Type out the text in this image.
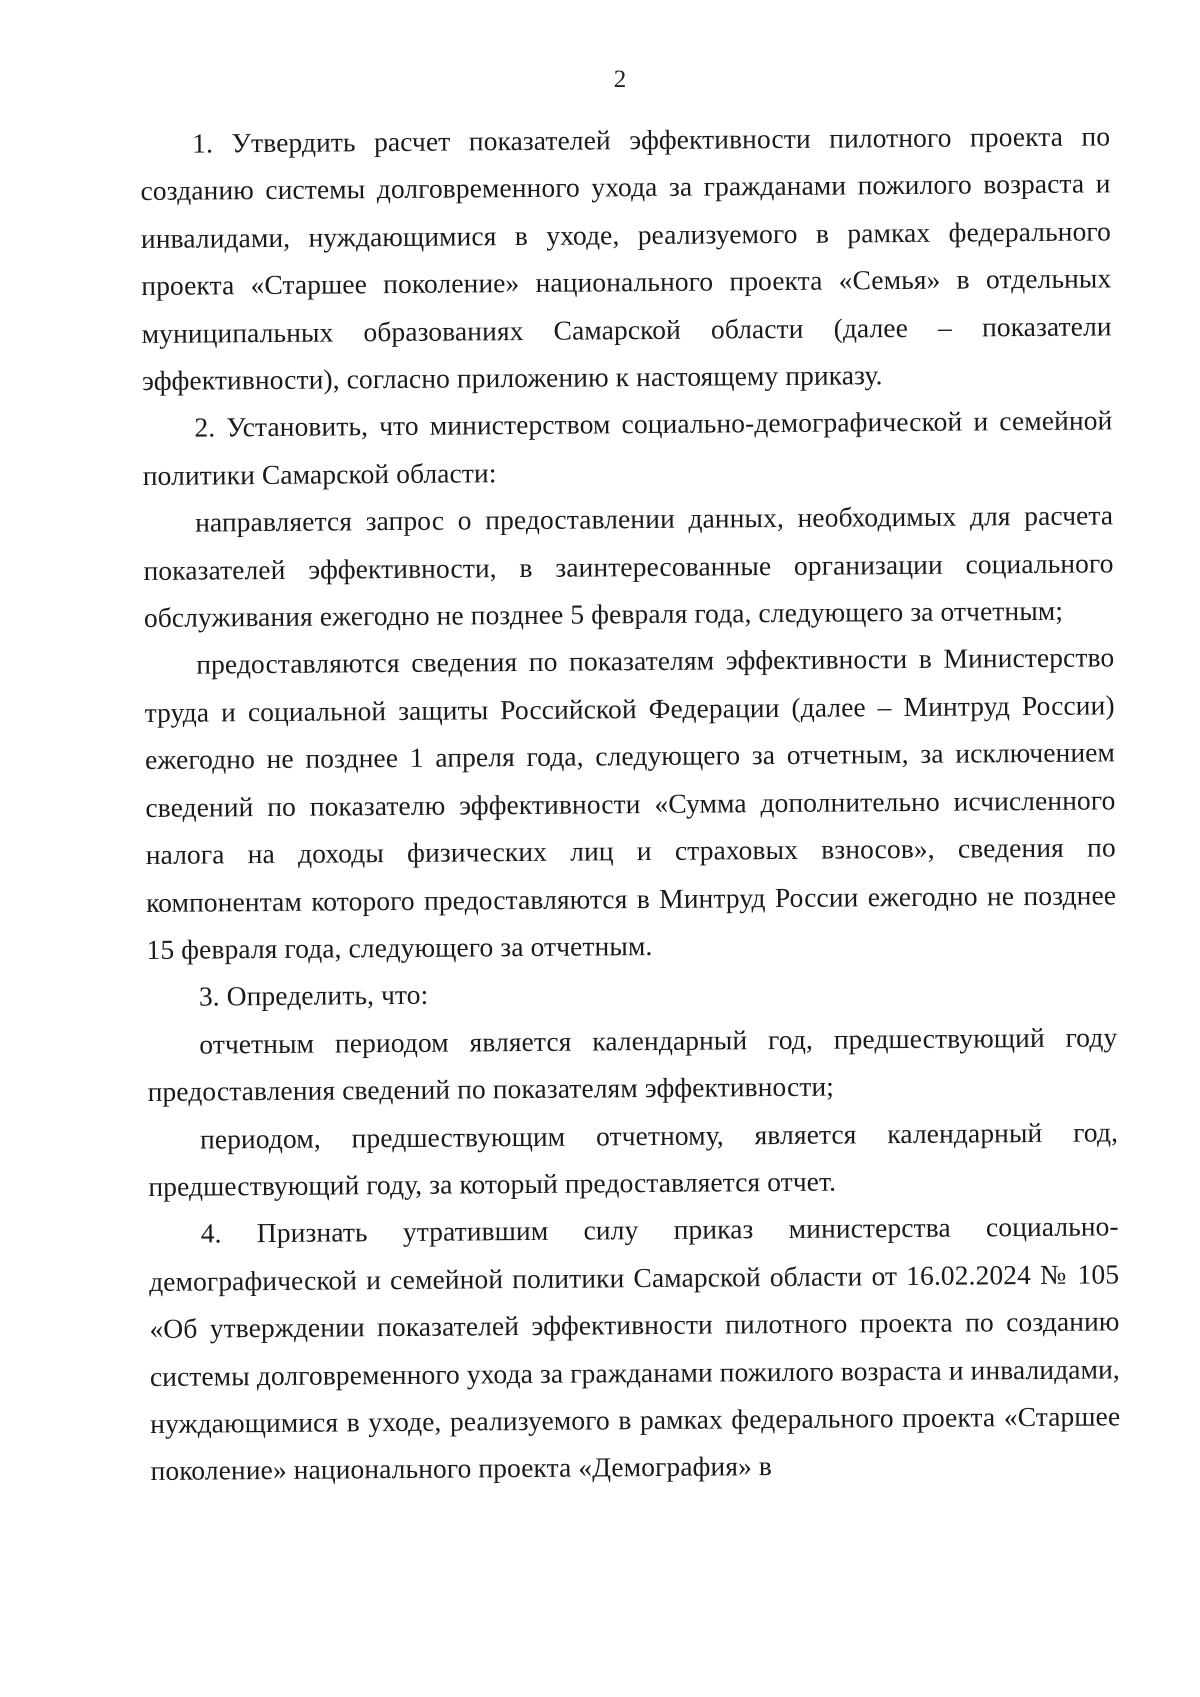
2

1. Утвердить расчет показателей эффективности пилотного проекта по созданию системы долговременного ухода за гражданами пожилого возраста и инвалидами, нуждающимися в уходе, реализуемого в рамках федерального проекта «Старшее поколение» национального проекта «Семья» в отдельных муниципальных образованиях Самарской области (далее – показатели эффективности), согласно приложению к настоящему приказу.

2. Установить, что министерством социально-демографической и семейной политики Самарской области:

направляется запрос о предоставлении данных, необходимых для расчета показателей эффективности, в заинтересованные организации социального обслуживания ежегодно не позднее 5 февраля года, следующего за отчетным;

предоставляются сведения по показателям эффективности в Министерство труда и социальной защиты Российской Федерации (далее – Минтруд России) ежегодно не позднее 1 апреля года, следующего за отчетным, за исключением сведений по показателю эффективности «Сумма дополнительно исчисленного налога на доходы физических лиц и страховых взносов», сведения по компонентам которого предоставляются в Минтруд России ежегодно не позднее 15 февраля года, следующего за отчетным.

3. Определить, что:

отчетным периодом является календарный год, предшествующий году предоставления сведений по показателям эффективности;

периодом, предшествующим отчетному, является календарный год, предшествующий году, за который предоставляется отчет.

4. Признать утратившим силу приказ министерства социально-демографической и семейной политики Самарской области от 16.02.2024 № 105 «Об утверждении показателей эффективности пилотного проекта по созданию системы долговременного ухода за гражданами пожилого возраста и инвалидами, нуждающимися в уходе, реализуемого в рамках федерального проекта «Старшее поколение» национального проекта «Демография» в
